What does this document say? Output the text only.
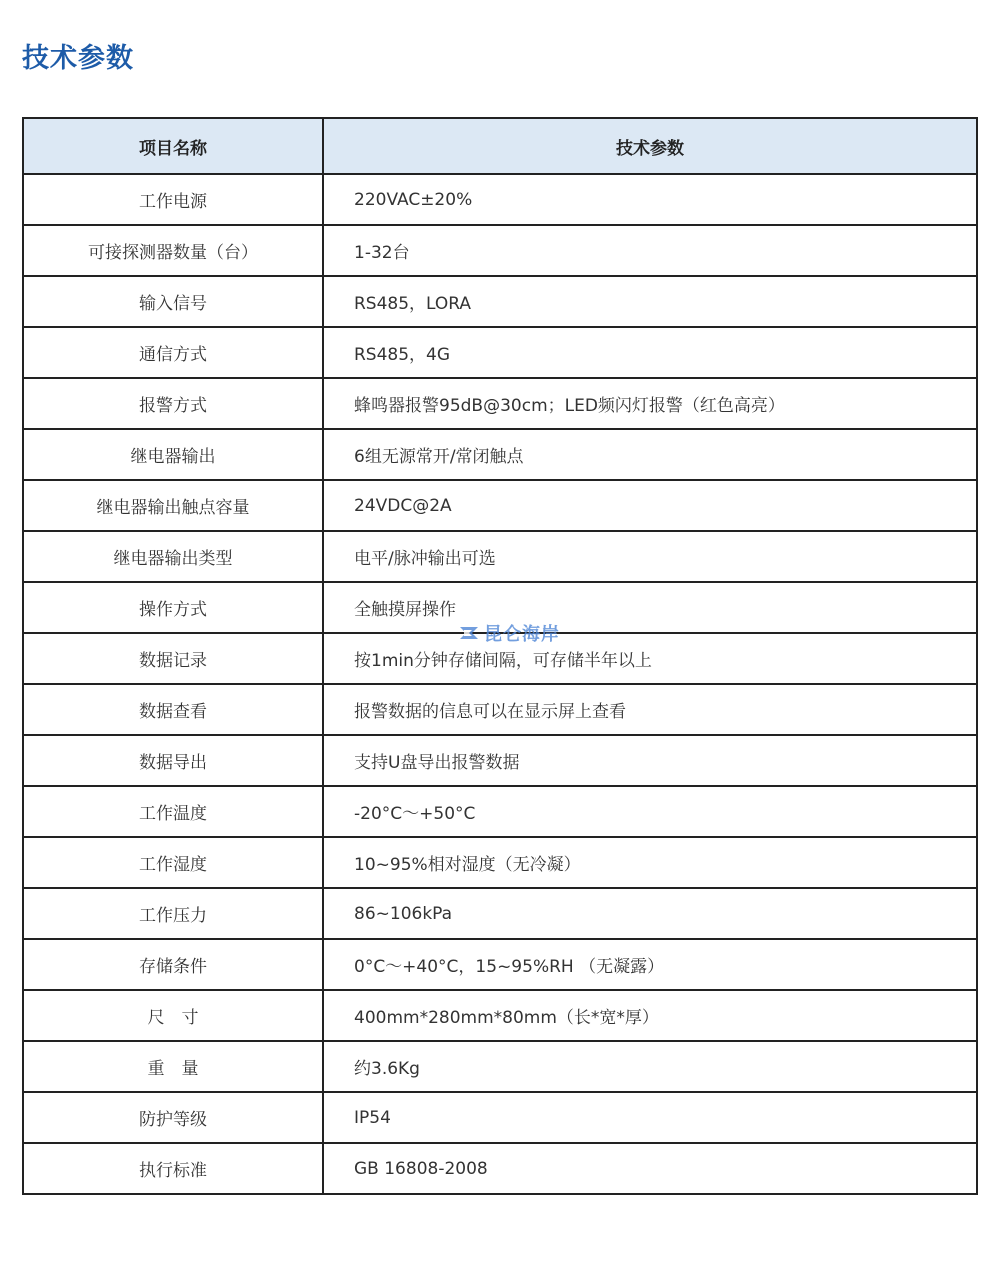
技术参数
项目名称	技术参数
工作电源	220VAC±20%
可接探测器数量（台）	1-32台
输入信号	RS485，LORA
通信方式	RS485，4G
报警方式	蜂鸣器报警95dB@30cm；LED频闪灯报警（红色高亮）
继电器输出	6组无源常开/常闭触点
继电器输出触点容量	24VDC@2A
继电器输出类型	电平/脉冲输出可选
操作方式	全触摸屏操作
数据记录	按1min分钟存储间隔，可存储半年以上
数据查看	报警数据的信息可以在显示屏上查看
数据导出	支持U盘导出报警数据
工作温度	-20°C～+50°C
工作湿度	10~95%相对湿度（无冷凝）
工作压力	86~106kPa
存储条件	0°C～+40°C，15~95%RH （无凝露）
尺　寸	400mm*280mm*80mm（长*宽*厚）
重　量	约3.6Kg
防护等级	IP54
执行标准	GB 16808-2008
昆仑海岸
